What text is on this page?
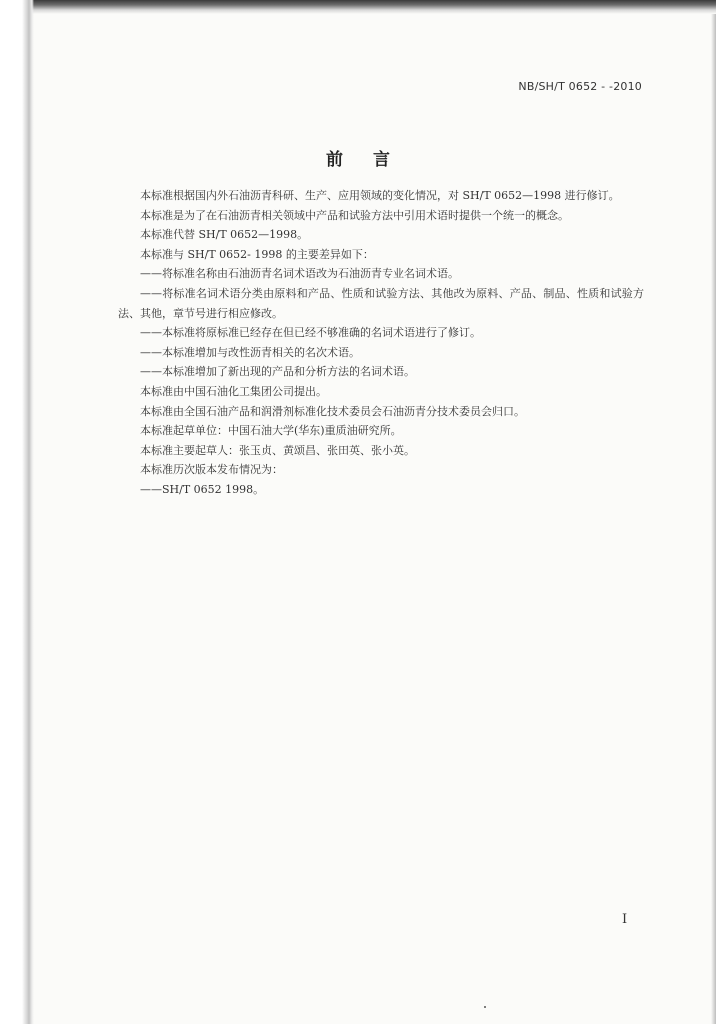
NB/SH/T 0652 - -2010
前言

本标准根据国内外石油沥青科研、生产、应用领域的变化情况，对 SH/T 0652—1998 进行修订。

本标准是为了在石油沥青相关领域中产品和试验方法中引用术语时提供一个统一的概念。

本标准代替 SH/T 0652—1998。

本标准与 SH/T 0652- 1998 的主要差异如下：

——将标准名称由石油沥青名词术语改为石油沥青专业名词术语。

——将标准名词术语分类由原料和产品、性质和试验方法、其他改为原料、产品、制品、性质和试验方法、其他，章节号进行相应修改。

——本标准将原标准已经存在但已经不够准确的名词术语进行了修订。

——本标准增加与改性沥青相关的名次术语。

——本标准增加了新出现的产品和分析方法的名词术语。

本标准由中国石油化工集团公司提出。

本标准由全国石油产品和润滑剂标准化技术委员会石油沥青分技术委员会归口。

本标准起草单位：中国石油大学(华东)重质油研究所。

本标准主要起草人：张玉贞、黄颂昌、张田英、张小英。

本标准历次版本发布情况为：

——SH/T 0652 1998。

I
